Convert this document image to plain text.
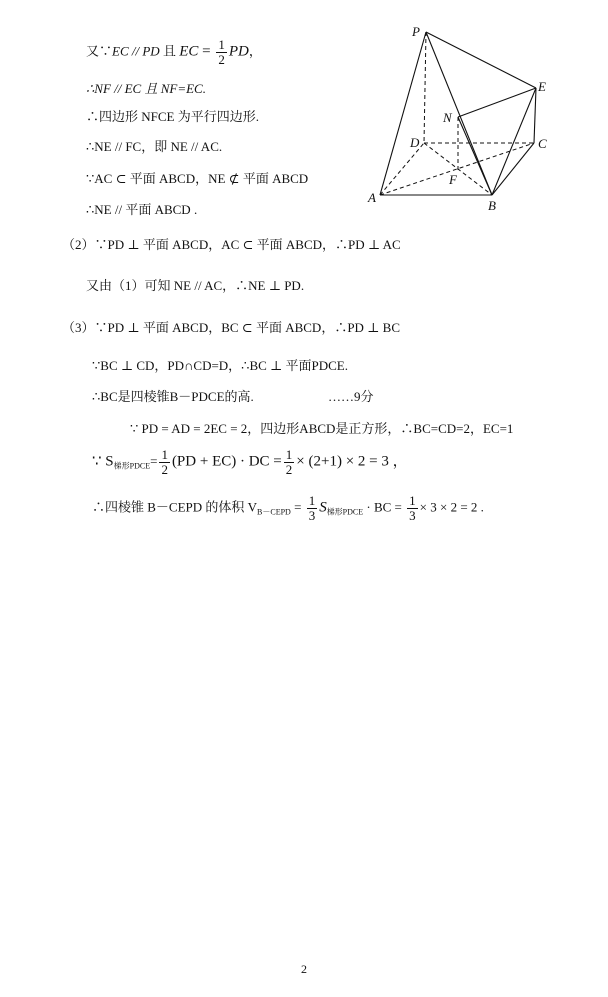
P
E
N
D	C
F
A
B
又∵EC // PD 且 EC = $\frac{1}{2}$ PD，
∴NF // EC 且 NF=EC.
∴四边形 NFCE 为平行四边形.
∴NE // FC，即 NE // AC.
∵AC ⊂ 平面 ABCD，NE ⊄ 平面 ABCD
∴NE // 平面 ABCD .
（2）∵PD ⊥ 平面 ABCD，AC ⊂ 平面 ABCD，∴PD ⊥ AC
又由（1）可知 NE // AC，∴NE ⊥ PD.
（3）∵PD ⊥ 平面 ABCD，BC ⊂ 平面 ABCD，∴PD ⊥ BC
∵BC ⊥ CD，PD∩CD=D，∴BC ⊥ 平面PDCE.
∴BC是四棱锥B－PDCE的高.	……9分
∵ PD = AD = 2EC = 2，四边形ABCD是正方形，∴BC=CD=2，EC=1
∵ $S_{梯形PDCE}= \frac{1}{2} (PD + EC)$ · DC = $\frac{1}{2} \times (2+1) \times 2 = 3$ ，
∴四棱锥 B－CEPD 的体积 $V_{B-CEPD} = \frac{1}{3} S_{梯形PDCE}$ · BC = $\frac{1}{3} \times 3 \times 2 = 2$ .
2
